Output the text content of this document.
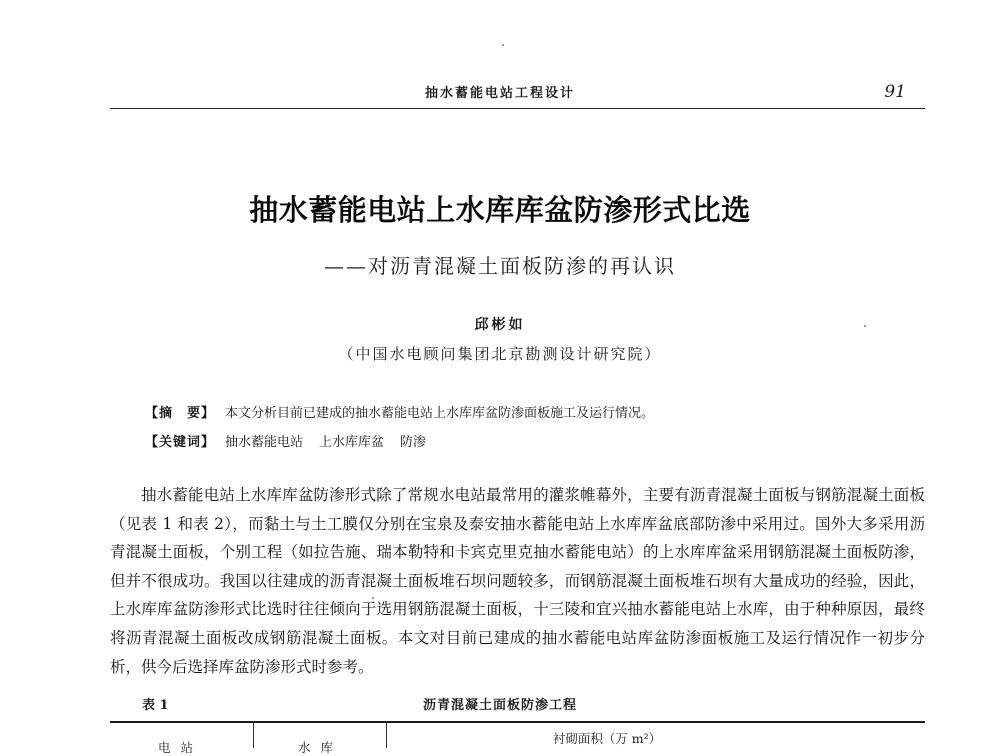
抽水蓄能电站工程设计	91
抽水蓄能电站上水库库盆防渗形式比选
——对沥青混凝土面板防渗的再认识
邱彬如
（中国水电顾问集团北京勘测设计研究院）
【摘　要】 本文分析目前已建成的抽水蓄能电站上水库库盆防渗面板施工及运行情况。
【关键词】 抽水蓄能电站 上水库库盆 防渗

抽水蓄能电站上水库库盆防渗形式除了常规水电站最常用的灌浆帷幕外，主要有沥青混凝土面板与钢筋混凝土面板（见表 1 和表 2），而黏土与土工膜仅分别在宝泉及泰安抽水蓄能电站上水库库盆底部防渗中采用过。国外大多采用沥青混凝土面板，个别工程（如拉告施、瑞本勒特和卡宾克里克抽水蓄能电站）的上水库库盆采用钢筋混凝土面板防渗，但并不很成功。我国以往建成的沥青混凝土面板堆石坝问题较多，而钢筋混凝土面板堆石坝有大量成功的经验，因此，上水库库盆防渗形式比选时往往倾向于选用钢筋混凝土面板，十三陵和宜兴抽水蓄能电站上水库，由于种种原因，最终将沥青混凝土面板改成钢筋混凝土面板。本文对目前已建成的抽水蓄能电站库盆防渗面板施工及运行情况作一初步分析，供今后选择库盆防渗形式时参考。

表 1	沥青混凝土面板防渗工程
电站	水库
衬砌面积（万 m²）
